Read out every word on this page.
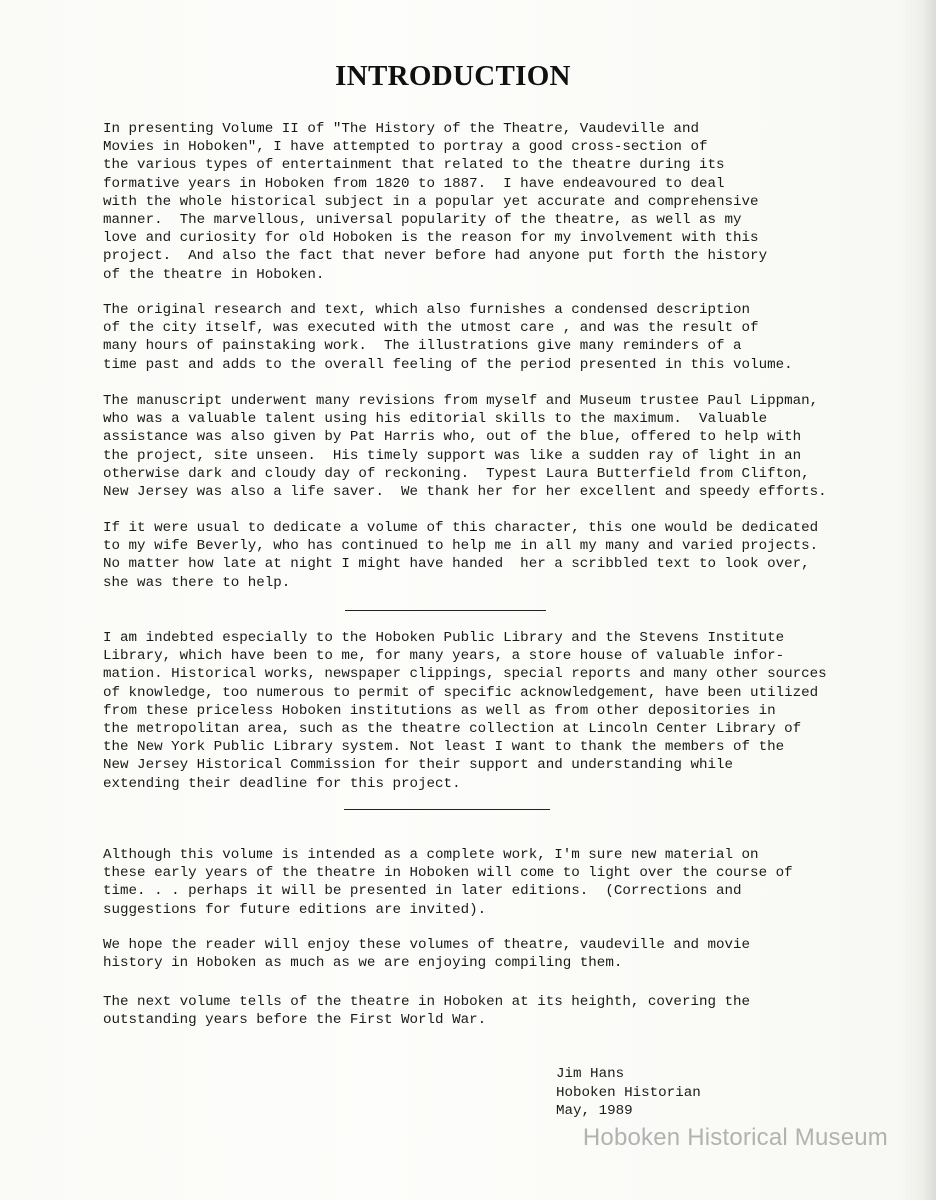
INTRODUCTION

In presenting Volume II of "The History of the Theatre, Vaudeville and
Movies in Hoboken", I have attempted to portray a good cross-section of
the various types of entertainment that related to the theatre during its
formative years in Hoboken from 1820 to 1887.  I have endeavoured to deal
with the whole historical subject in a popular yet accurate and comprehensive
manner.  The marvellous, universal popularity of the theatre, as well as my
love and curiosity for old Hoboken is the reason for my involvement with this
project.  And also the fact that never before had anyone put forth the history
of the theatre in Hoboken.

The original research and text, which also furnishes a condensed description
of the city itself, was executed with the utmost care , and was the result of
many hours of painstaking work.  The illustrations give many reminders of a
time past and adds to the overall feeling of the period presented in this volume.

The manuscript underwent many revisions from myself and Museum trustee Paul Lippman,
who was a valuable talent using his editorial skills to the maximum.  Valuable
assistance was also given by Pat Harris who, out of the blue, offered to help with
the project, site unseen.  His timely support was like a sudden ray of light in an
otherwise dark and cloudy day of reckoning.  Typest Laura Butterfield from Clifton,
New Jersey was also a life saver.  We thank her for her excellent and speedy efforts.

If it were usual to dedicate a volume of this character, this one would be dedicated
to my wife Beverly, who has continued to help me in all my many and varied projects.
No matter how late at night I might have handed  her a scribbled text to look over,
she was there to help.

I am indebted especially to the Hoboken Public Library and the Stevens Institute
Library, which have been to me, for many years, a store house of valuable infor-
mation. Historical works, newspaper clippings, special reports and many other sources
of knowledge, too numerous to permit of specific acknowledgement, have been utilized
from these priceless Hoboken institutions as well as from other depositories in
the metropolitan area, such as the theatre collection at Lincoln Center Library of
the New York Public Library system. Not least I want to thank the members of the
New Jersey Historical Commission for their support and understanding while
extending their deadline for this project.

Although this volume is intended as a complete work, I'm sure new material on
these early years of the theatre in Hoboken will come to light over the course of
time. . . perhaps it will be presented in later editions.  (Corrections and
suggestions for future editions are invited).

We hope the reader will enjoy these volumes of theatre, vaudeville and movie
history in Hoboken as much as we are enjoying compiling them.

The next volume tells of the theatre in Hoboken at its heighth, covering the
outstanding years before the First World War.

Jim Hans
Hoboken Historian
May, 1989
Hoboken Historical Museum
